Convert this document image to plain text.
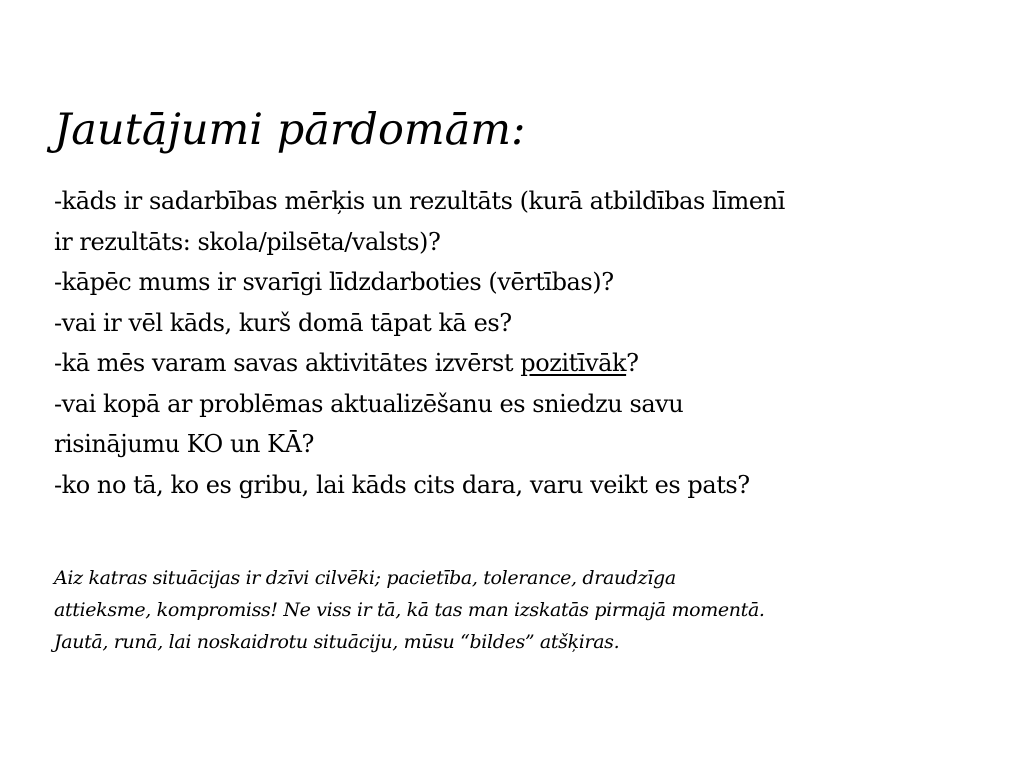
Jautājumi pārdomām:
-kāds ir sadarbības mērķis un rezultāts (kurā atbildības līmenī
ir rezultāts: skola/pilsēta/valsts)?
-kāpēc mums ir svarīgi līdzdarboties (vērtības)?
-vai ir vēl kāds, kurš domā tāpat kā es?
-kā mēs varam savas aktivitātes izvērst pozitīvāk?
-vai kopā ar problēmas aktualizēšanu es sniedzu savu
risinājumu KO un KĀ?
-ko no tā, ko es gribu, lai kāds cits dara, varu veikt es pats?

Aiz katras situācijas ir dzīvi cilvēki; pacietība, tolerance, draudzīga
attieksme, kompromiss! Ne viss ir tā, kā tas man izskatās pirmajā momentā.
Jautā, runā, lai noskaidrotu situāciju, mūsu “bildes” atšķiras.
